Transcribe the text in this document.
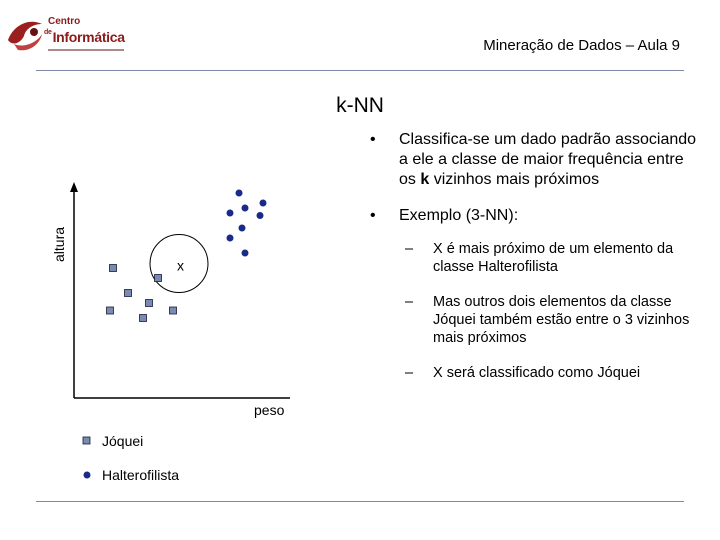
Centro
$^{de}$Informática	Mineração de Dados – Aula 9
k-NN
• Classifica-se um dado padrão associando a ele a classe de maior frequência entre os k vizinhos mais próximos
• Exemplo (3-NN):
– X é mais próximo de um elemento da classe Halterofilista
– Mas outros dois elementos da classe Jóquei também estão entre o 3 vizinhos mais próximos
– X será classificado como Jóquei
x
altura
peso
Jóquei
Halterofilista
